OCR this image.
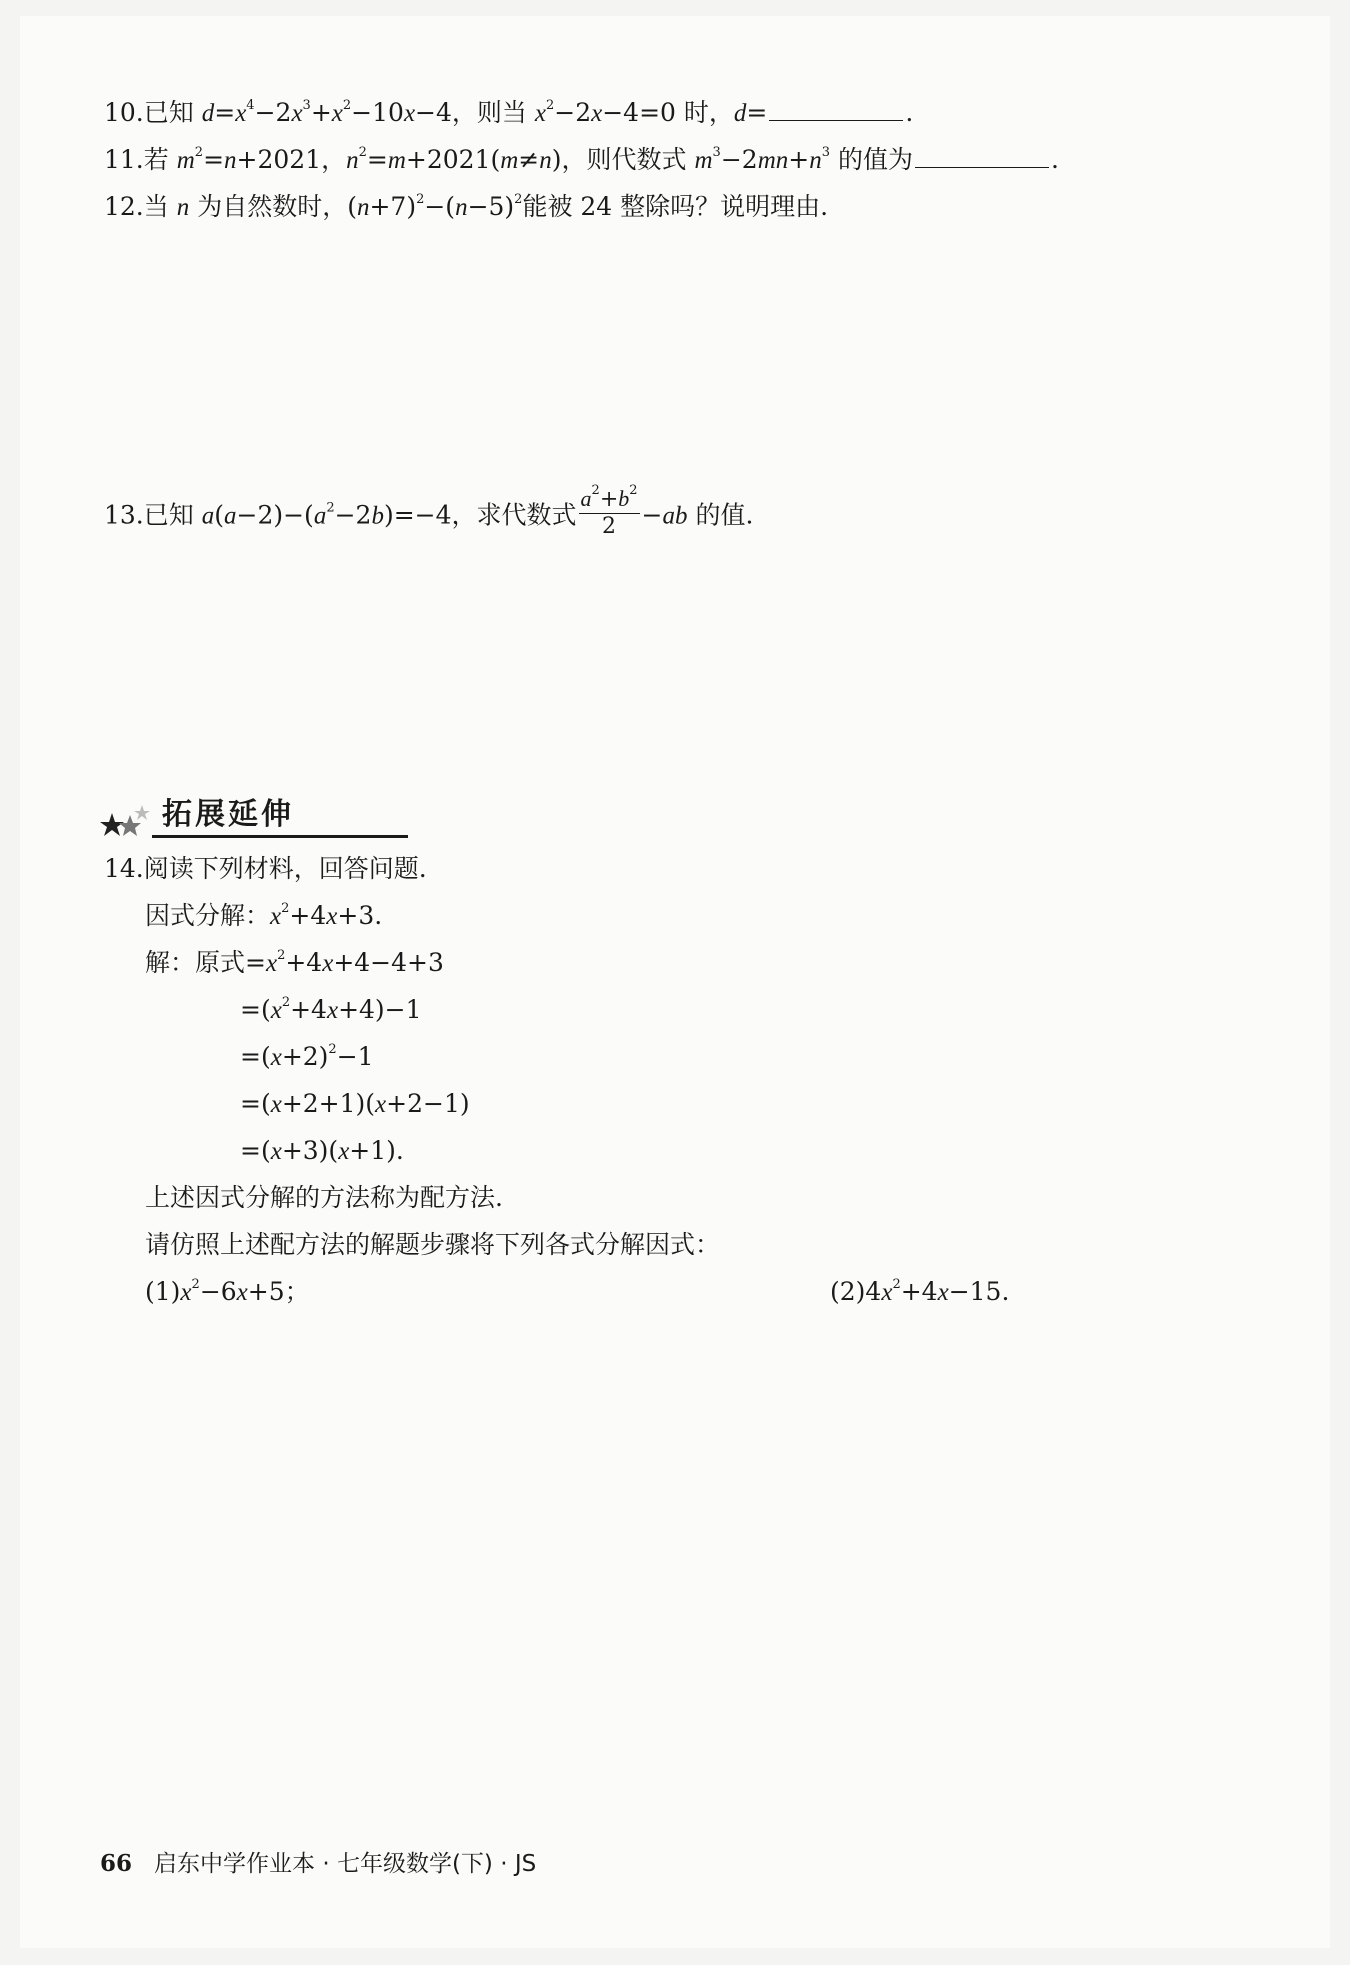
10.已知 $d=x^4-2x^3+x^2-10x-4$，则当 $x^2-2x-4=0$ 时，d=	.
11.若 $m^2=n+2021$，$n^2=m+2021(m\ne n)$，则代数式 $m^3-2mn+n^3$ 的值为	.
12.当 n 为自然数时，$(n+7)^2-(n-5)^2$能被 24 整除吗？说明理由.
13.已知 $a(a-2)-(a^2-2b)=-4$，求代数式 $\frac{a^2+b^2}{2} -ab$ 的值.
拓展延伸
14.阅读下列材料，回答问题.
因式分解：$x^2+4x+3$.
解：原式$=x^2+4x+4-4+3$
$=(x^2+4x+4)-1$
$=(x+2)^2-1$
=(x+2+1)(x+2−1)
=(x+3)(x+1).
上述因式分解的方法称为配方法.
请仿照上述配方法的解题步骤将下列各式分解因式：
$(1)x^2-6x+5$；	$(2)4x^2+4x-15$.
66 启东中学作业本 · 七年级数学(下) · JS
